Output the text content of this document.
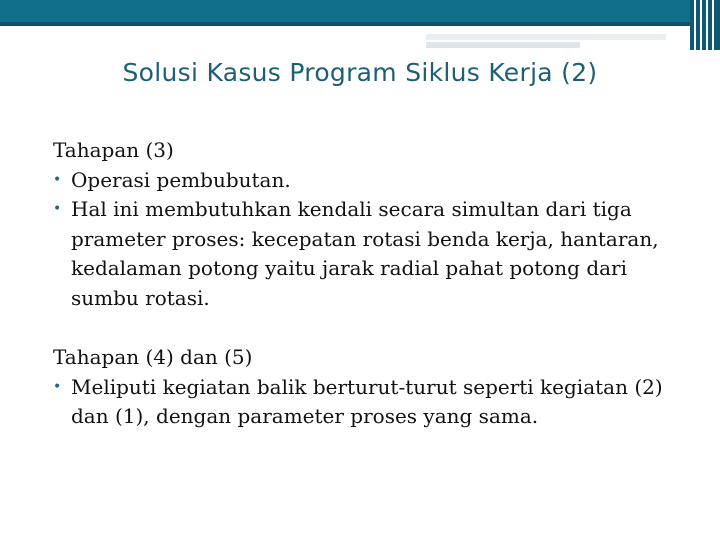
Solusi Kasus Program Siklus Kerja (2)

Tahapan (3)

• Operasi pembubutan.

• Hal ini membutuhkan kendali secara simultan dari tiga prameter proses: kecepatan rotasi benda kerja, hantaran, kedalaman potong yaitu jarak radial pahat potong dari sumbu rotasi.

Tahapan (4) dan (5)

• Meliputi kegiatan balik berturut-turut seperti kegiatan (2) dan (1), dengan parameter proses yang sama.
